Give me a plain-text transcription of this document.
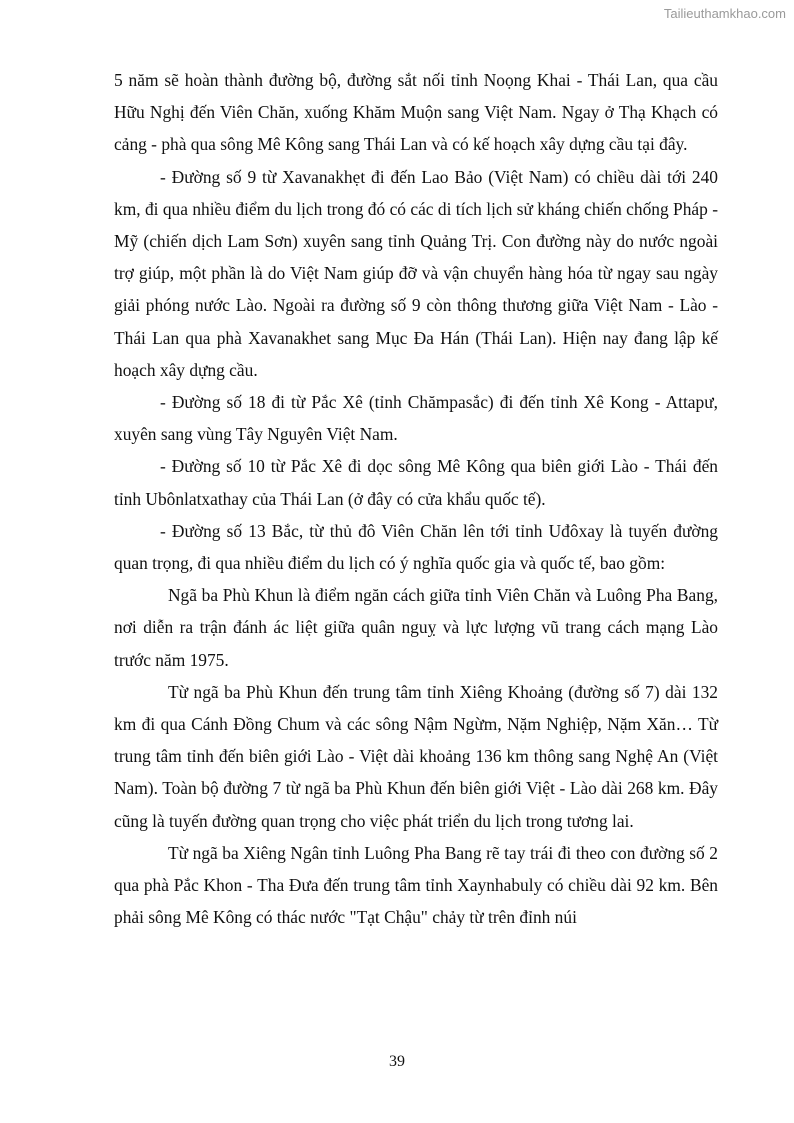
Tailieuthamkhao.com

5 năm sẽ hoàn thành đường bộ, đường sắt nối tỉnh Noọng Khai - Thái Lan, qua cầu Hữu Nghị đến Viên Chăn, xuống Khăm Muộn sang Việt Nam. Ngay ở Thạ Khạch có cảng - phà qua sông Mê Kông sang Thái Lan và có kế hoạch xây dựng cầu tại đây.

- Đường số 9 từ Xavanakhẹt đi đến Lao Bảo (Việt Nam) có chiều dài tới 240 km, đi qua nhiều điểm du lịch trong đó có các di tích lịch sử kháng chiến chống Pháp - Mỹ (chiến dịch Lam Sơn) xuyên sang tỉnh Quảng Trị. Con đường này do nước ngoài trợ giúp, một phần là do Việt Nam giúp đỡ và vận chuyển hàng hóa từ ngay sau ngày giải phóng nước Lào. Ngoài ra đường số 9 còn thông thương giữa Việt Nam - Lào - Thái Lan qua phà Xavanakhet sang Mục Đa Hán (Thái Lan). Hiện nay đang lập kế hoạch xây dựng cầu.

- Đường số 18 đi từ Pắc Xê (tỉnh Chămpasắc) đi đến tỉnh Xê Kong - Attapư, xuyên sang vùng Tây Nguyên Việt Nam.

- Đường số 10 từ Pắc Xê đi dọc sông Mê Kông qua biên giới Lào - Thái đến tỉnh Ubônlatxathay của Thái Lan (ở đây có cửa khẩu quốc tế).

- Đường số 13 Bắc, từ thủ đô Viên Chăn lên tới tỉnh Uđôxay là tuyến đường quan trọng, đi qua nhiều điểm du lịch có ý nghĩa quốc gia và quốc tế, bao gồm:

Ngã ba Phù Khun là điểm ngăn cách giữa tỉnh Viên Chăn và Luông Pha Bang, nơi diễn ra trận đánh ác liệt giữa quân nguỵ và lực lượng vũ trang cách mạng Lào trước năm 1975.

Từ ngã ba Phù Khun đến trung tâm tỉnh Xiêng Khoảng (đường số 7) dài 132 km đi qua Cánh Đồng Chum và các sông Nậm Ngừm, Nặm Nghiệp, Nặm Xăn… Từ trung tâm tỉnh đến biên giới Lào - Việt dài khoảng 136 km thông sang Nghệ An (Việt Nam). Toàn bộ đường 7 từ ngã ba Phù Khun đến biên giới Việt - Lào dài 268 km. Đây cũng là tuyến đường quan trọng cho việc phát triển du lịch trong tương lai.

Từ ngã ba Xiêng Ngân tỉnh Luông Pha Bang rẽ tay trái đi theo con đường số 2 qua phà Pắc Khon - Tha Đưa đến trung tâm tỉnh Xaynhabuly có chiều dài 92 km. Bên phải sông Mê Kông có thác nước "Tạt Chậu" chảy từ trên đỉnh núi

39
